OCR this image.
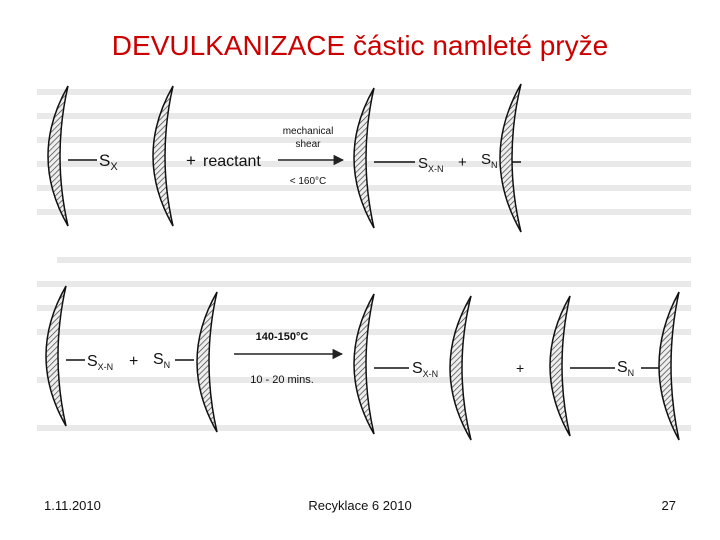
DEVULKANIZACE částic namleté pryže
$S_X$	+ reactant
mechanical
shear
< 160°C
$S_{X-N} + S_N$
$S_{X-N} + S_N$
140-150°C
10 - 20 mins.
$S_{X-N}$	+	$S_N$
1.11.2010	Recyklace 6 2010	27
